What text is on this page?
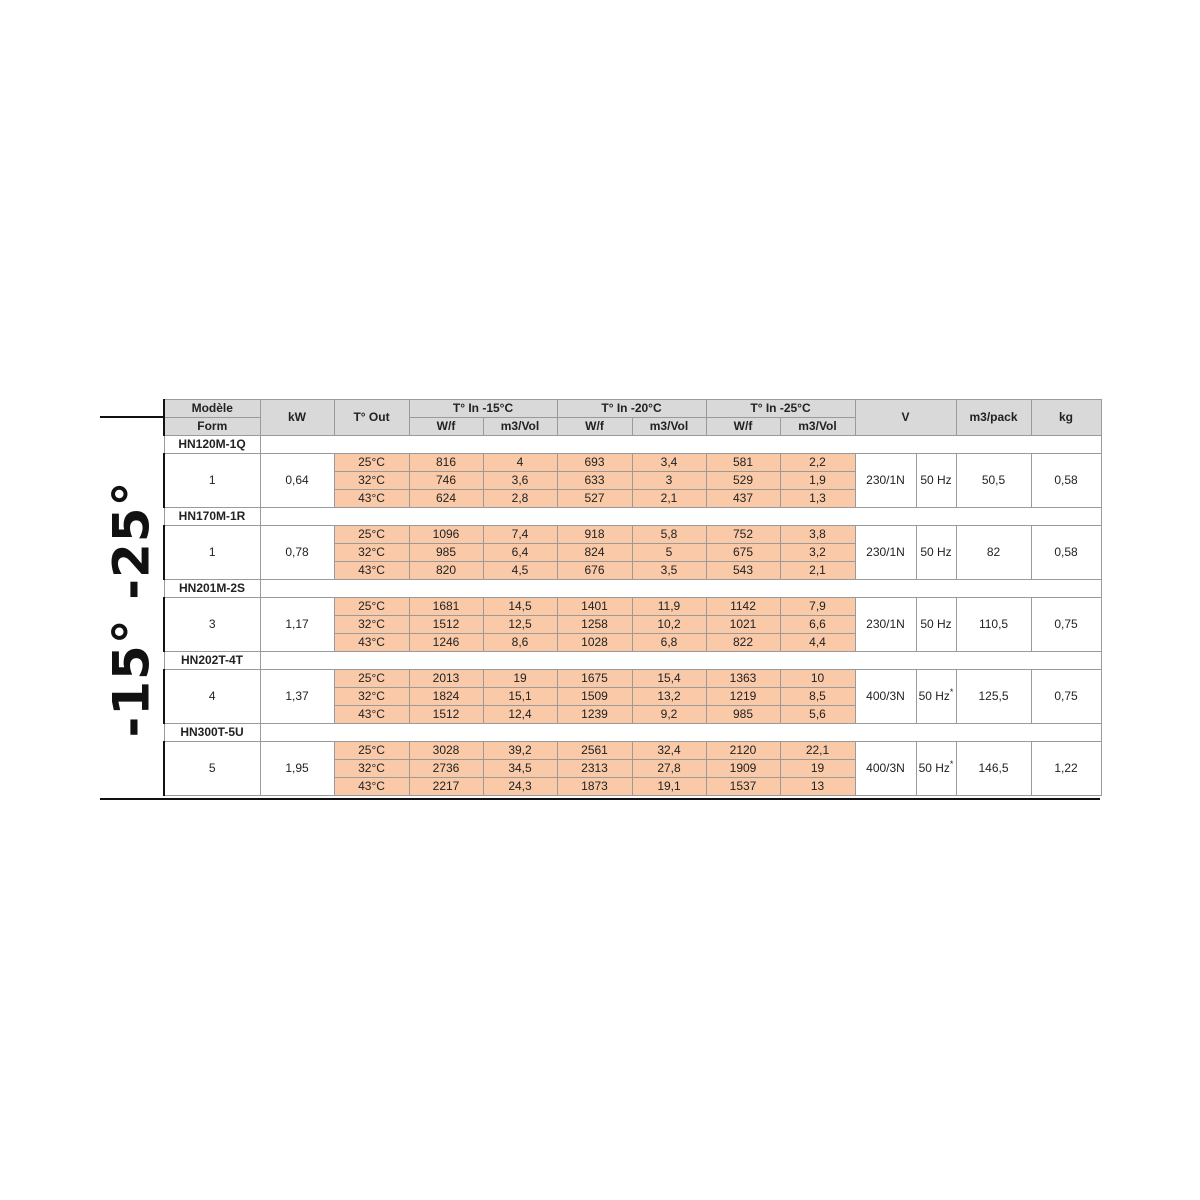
-15° -25°
Modèle	kW	T° Out	T° In -15°C		T° In -20°C		T° In -25°C		V		m3/pack	kg
Form			W/f	m3/Vol	W/f	m3/Vol	W/f	m3/Vol				
HN120M-1Q												
1	0,64	25°C	816	4	693	3,4	581	2,2	230/1N	50 Hz	50,5	0,58
		32°C	746	3,6	633	3	529	1,9				
		43°C	624	2,8	527	2,1	437	1,3				
HN170M-1R												
1	0,78	25°C	1096	7,4	918	5,8	752	3,8	230/1N	50 Hz	82	0,58
		32°C	985	6,4	824	5	675	3,2				
		43°C	820	4,5	676	3,5	543	2,1				
HN201M-2S												
3	1,17	25°C	1681	14,5	1401	11,9	1142	7,9	230/1N	50 Hz	110,5	0,75
		32°C	1512	12,5	1258	10,2	1021	6,6				
		43°C	1246	8,6	1028	6,8	822	4,4				
HN202T-4T												
4	1,37	25°C	2013	19	1675	15,4	1363	10	400/3N	50 Hz*	125,5	0,75
		32°C	1824	15,1	1509	13,2	1219	8,5				
		43°C	1512	12,4	1239	9,2	985	5,6				
HN300T-5U												
5	1,95	25°C	3028	39,2	2561	32,4	2120	22,1	400/3N	50 Hz*	146,5	1,22
		32°C	2736	34,5	2313	27,8	1909	19				
		43°C	2217	24,3	1873	19,1	1537	13				
